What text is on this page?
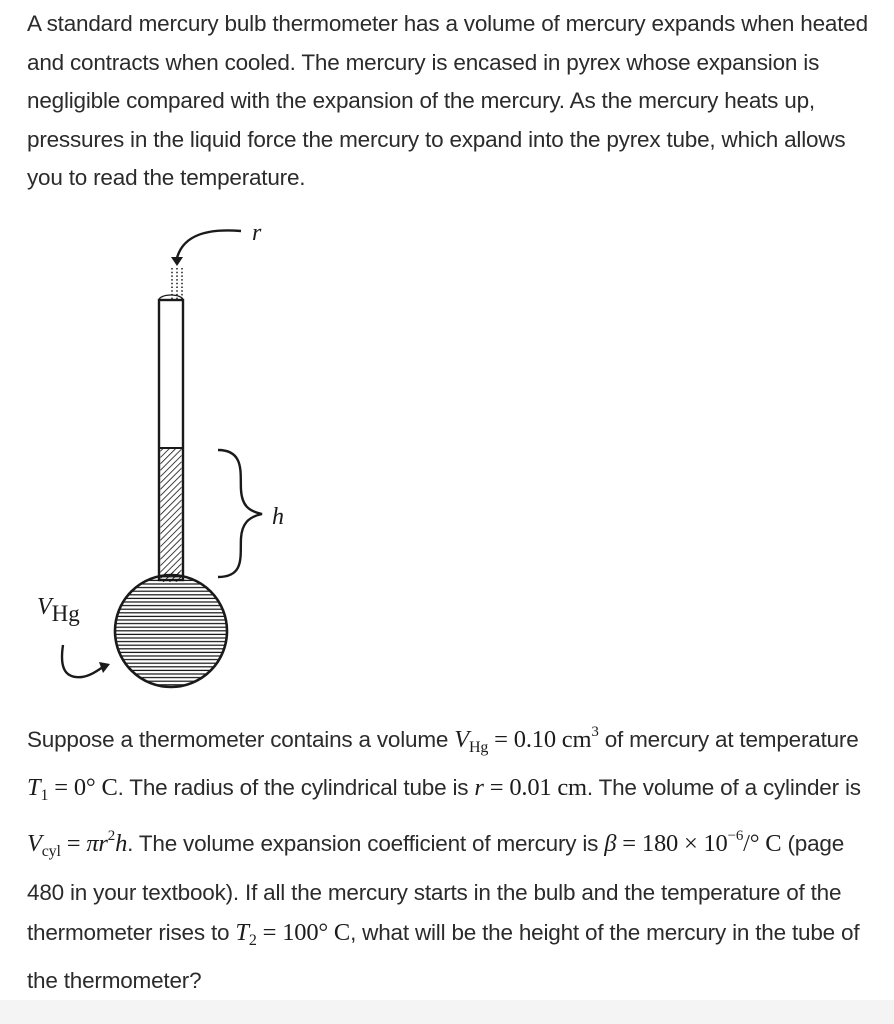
A standard mercury bulb thermometer has a volume of mercury expands when heated and contracts when cooled. The mercury is encased in pyrex whose expansion is negligible compared with the expansion of the mercury. As the mercury heats up, pressures in the liquid force the mercury to expand into the pyrex tube, which allows you to read the temperature.

r
h
VHg

Suppose a thermometer contains a volume $V_{Hg} = 0.10$ $cm^3$ of mercury at temperature $T_1 = 0^\circ$ C. The radius of the cylindrical tube is r = 0.01 cm. The volume of a cylinder is $V_{cyl} = \pi r^2h$. The volume expansion coefficient of mercury is $\beta = 180 \times 10^{-6}/^\circ$ C (page 480 in your textbook). If all the mercury starts in the bulb and the temperature of the thermometer rises to $T_2 = 100^\circ$ C, what will be the height of the mercury in the tube of the thermometer?
